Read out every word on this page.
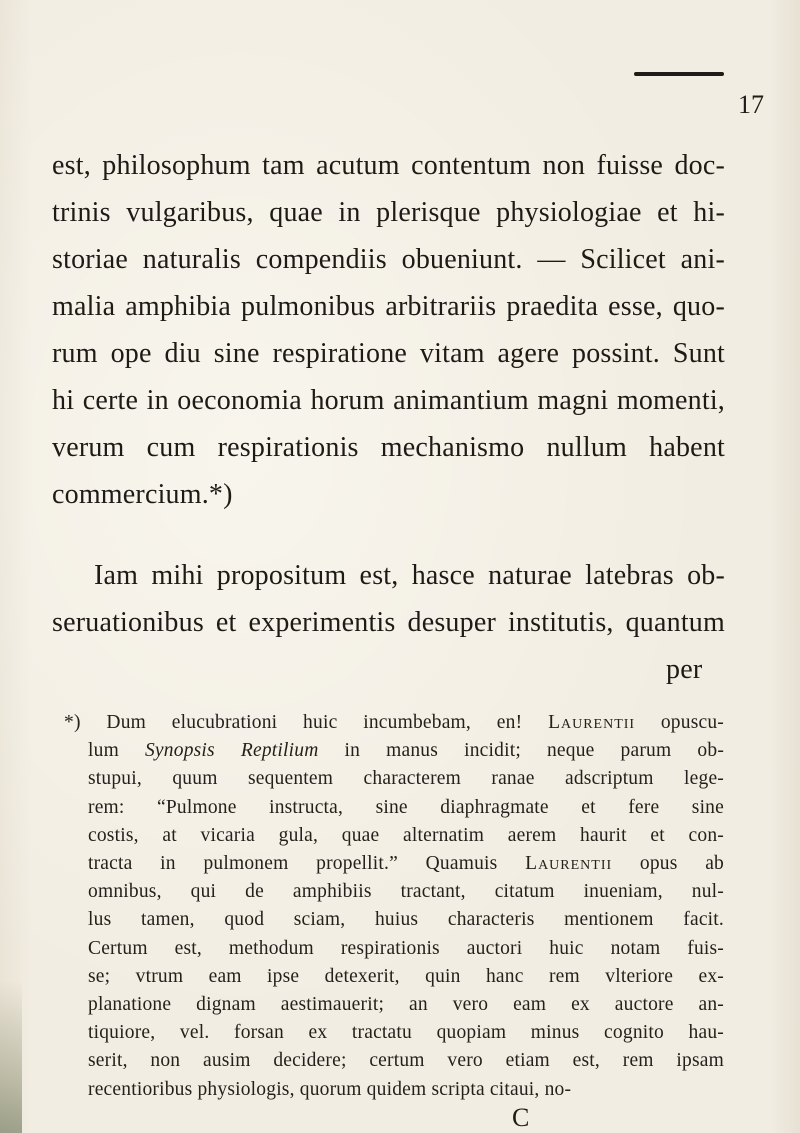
17
est, philosophum tam acutum contentum non fuisse doc-
trinis vulgaribus, quae in plerisque physiologiae et hi-
storiae naturalis compendiis obueniunt. — Scilicet ani-
malia amphibia pulmonibus arbitrariis praedita esse, quo-
rum ope diu sine respiratione vitam agere possint. Sunt
hi certe in oeconomia horum animantium magni momenti,
verum cum respirationis mechanismo nullum habent
commercium.*)
Iam mihi propositum est, hasce naturae latebras ob-
seruationibus et experimentis desuper institutis, quantum
per
*) Dum elucubrationi huic incumbebam, en! Laurentii opuscu-
lum Synopsis Reptilium in manus incidit; neque parum ob-
stupui, quum sequentem characterem ranae adscriptum lege-
rem: “Pulmone instructa, sine diaphragmate et fere sine
costis, at vicaria gula, quae alternatim aerem haurit et con-
tracta in pulmonem propellit.” Quamuis Laurentii opus ab
omnibus, qui de amphibiis tractant, citatum inueniam, nul-
lus tamen, quod sciam, huius characteris mentionem facit.
Certum est, methodum respirationis auctori huic notam fuis-
se; vtrum eam ipse detexerit, quin hanc rem vlteriore ex-
planatione dignam aestimauerit; an vero eam ex auctore an-
tiquiore, vel. forsan ex tractatu quopiam minus cognito hau-
serit, non ausim decidere; certum vero etiam est, rem ipsam
recentioribus physiologis, quorum quidem scripta citaui, no-
C
